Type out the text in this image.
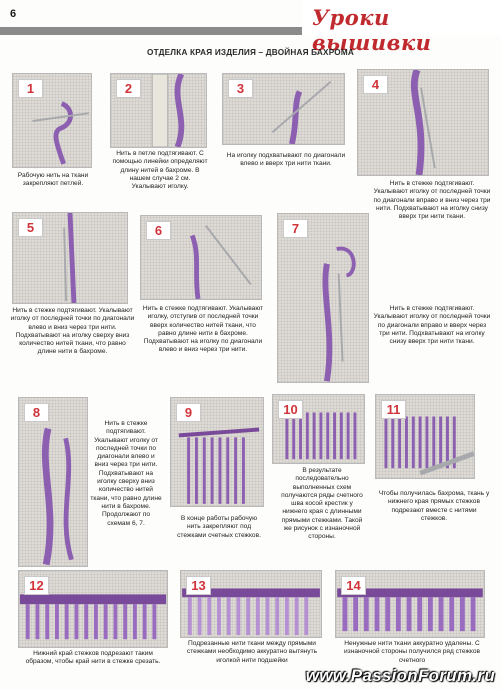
6	Уроки вышивки
ОТДЕЛКА КРАЯ ИЗДЕЛИЯ – ДВОЙНАЯ БАХРОМА
1
Рабочую нить на ткани закрепляют петлей.
2
Нить в петле подтягивают. С помощью линейки определяют длину нитей в бахроме. В нашем случае 2 см. Укалывают иголку.
3
На иголку подхватывают по диагонали влево и вверх три нити ткани.
4
Нить в стежке подтягивают. Укалывают иголку от последней точки по диагонали вправо и вниз через три нити. Подхватывают на иголку снизу вверх три нити ткани.
5
Нить в стежке подтягивают. Укалывают иголку от последней точки по диагонали влево и вниз через три нити. Подхватывают на иголку сверху вниз количество нитей ткани, что равно длине нити в бахроме.
6
Нить в стежке подтягивают. Укалывают иголку, отступив от последней точки вверх количество нитей ткани, что равно длине нити в бахроме. Подхватывают на иголку по диагонали влево и вниз через три нити.
7
Нить в стежке подтягивают. Укалывают иголку от последней точки по диагонали вправо и вверх через три нити. Подхватывают на иголку снизу вверх три нити ткани.
8
Нить в стежке подтягивают. Укалывают иголку от последней точки по диагонали влево и вниз через три нити. Подхватывают на иголку сверху вниз количество нитей ткани, что равно длине нити в бахроме. Продолжают по схемам 6, 7.
9
В конце работы рабочую нить закрепляют под стежками счетных стежков.
10
В результате последовательно выполненных схем получаются ряды счетного шва косой крестик у нижнего края с длинными прямыми стежками. Такой же рисунок с изнаночной стороны.
11
Чтобы получилась бахрома, ткань у нижнего края прямых стежков подрезают вместе с нитями стежков.
12
Нижний край стежков подрезают таким образом, чтобы край нити в стежке срезать.
13
Подрезанные нити ткани между прямыми стежками необходимо аккуратно вытянуть иголкой нити подшейки
14
Ненужные нити ткани аккуратно удалены. С изнаночной стороны получился ряд стежков счетного
www.PassionForum.ru
